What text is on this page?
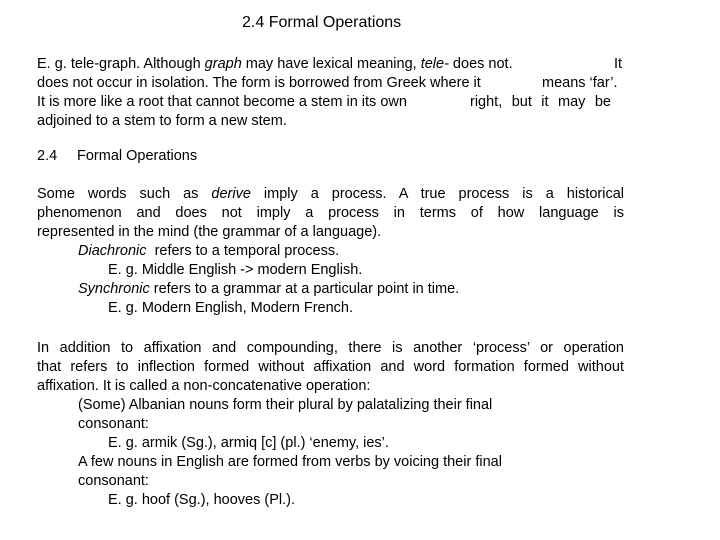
2.4 Formal Operations
E. g. tele-graph. Although graph may have lexical meaning, tele- does not.	It
does not occur in isolation. The form is borrowed from Greek where it	means ‘far’.
It is more like a root that cannot become a stem in its own	right, but it may be
adjoined to a stem to form a new stem.
2.4 Formal Operations
Some words such as derive imply a process. A true process is a historical
phenomenon and does not imply a process in terms of how language is
represented in the mind (the grammar of a language).
Diachronic refers to a temporal process.
E. g. Middle English -> modern English.
Synchronic refers to a grammar at a particular point in time.
E. g. Modern English, Modern French.
In addition to affixation and compounding, there is another ‘process’ or operation
that refers to inflection formed without affixation and word formation formed without
affixation. It is called a non-concatenative operation:
(Some) Albanian nouns form their plural by palatalizing their final
consonant:
E. g. armik (Sg.), armiq [c] (pl.) ‘enemy, ies’.
A few nouns in English are formed from verbs by voicing their final
consonant:
E. g. hoof (Sg.), hooves (Pl.).
